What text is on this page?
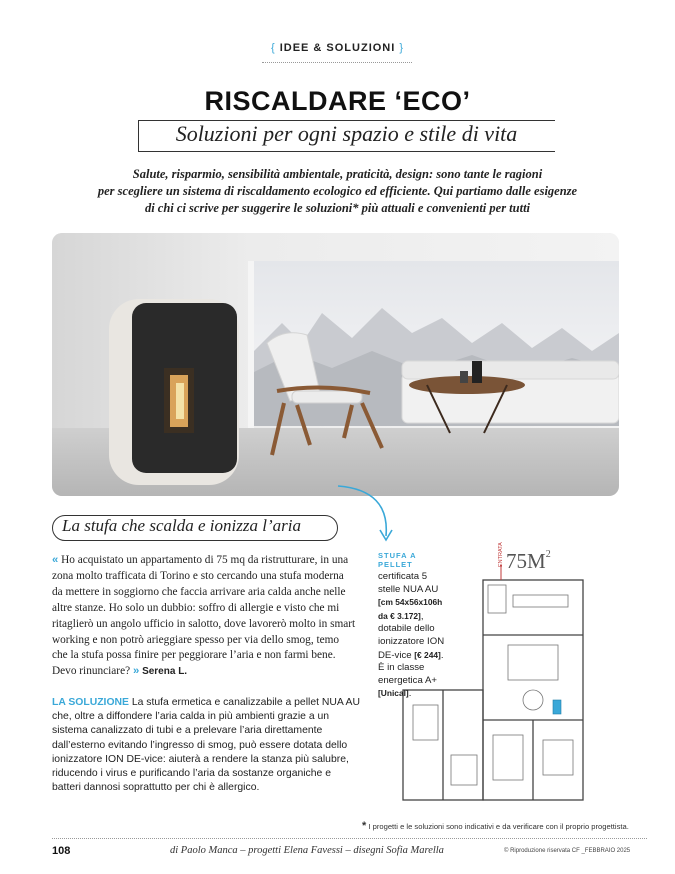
{ IDEE & SOLUZIONI }
RISCALDARE ‘ECO’
Soluzioni per ogni spazio e stile di vita
Salute, risparmio, sensibilità ambientale, praticità, design: sono tante le ragioni
per scegliere un sistema di riscaldamento ecologico ed efficiente. Qui partiamo dalle esigenze
di chi ci scrive per suggerire le soluzioni* più attuali e convenienti per tutti
La stufa che scalda e ionizza l’aria

« Ho acquistato un appartamento di 75 mq da ristrutturare, in una zona molto trafficata di Torino e sto cercando una stufa moderna da mettere in soggiorno che faccia arrivare aria calda anche nelle altre stanze. Ho solo un dubbio: soffro di allergie e visto che mi ritaglierò un angolo ufficio in salotto, dove lavorerò molto in smart working e non potrò arieggiare spesso per via dello smog, temo che la stufa possa finire per peggiorare l’aria e non farmi bene. Devo rinunciare? » Serena L.

LA SOLUZIONE La stufa ermetica e canalizzabile a pellet NUA AU che, oltre a diffondere l’aria calda in più ambienti grazie a un sistema canalizzato di tubi e a prelevare l’aria direttamente dall’esterno evitando l’ingresso di smog, può essere dotata dello ionizzatore ION DE-vice: aiuterà a rendere la stanza più salubre, riducendo i virus e purificando l’aria da sostanze organiche e batteri dannosi soprattutto per chi è allergico.

$75M^2$
ENTRATA
STUFA A PELLET
certificata 5 stelle NUA AU [cm 54x56x106h da € 3.172], dotabile dello ionizzatore ION DE-vice [€ 244]. È in classe energetica A+ [Unical].
* I progetti e le soluzioni sono indicativi e da verificare con il proprio progettista.
108	di Paolo Manca – progetti Elena Favessi – disegni Sofia Marella	© Riproduzione riservata CF _FEBBRAIO 2025
